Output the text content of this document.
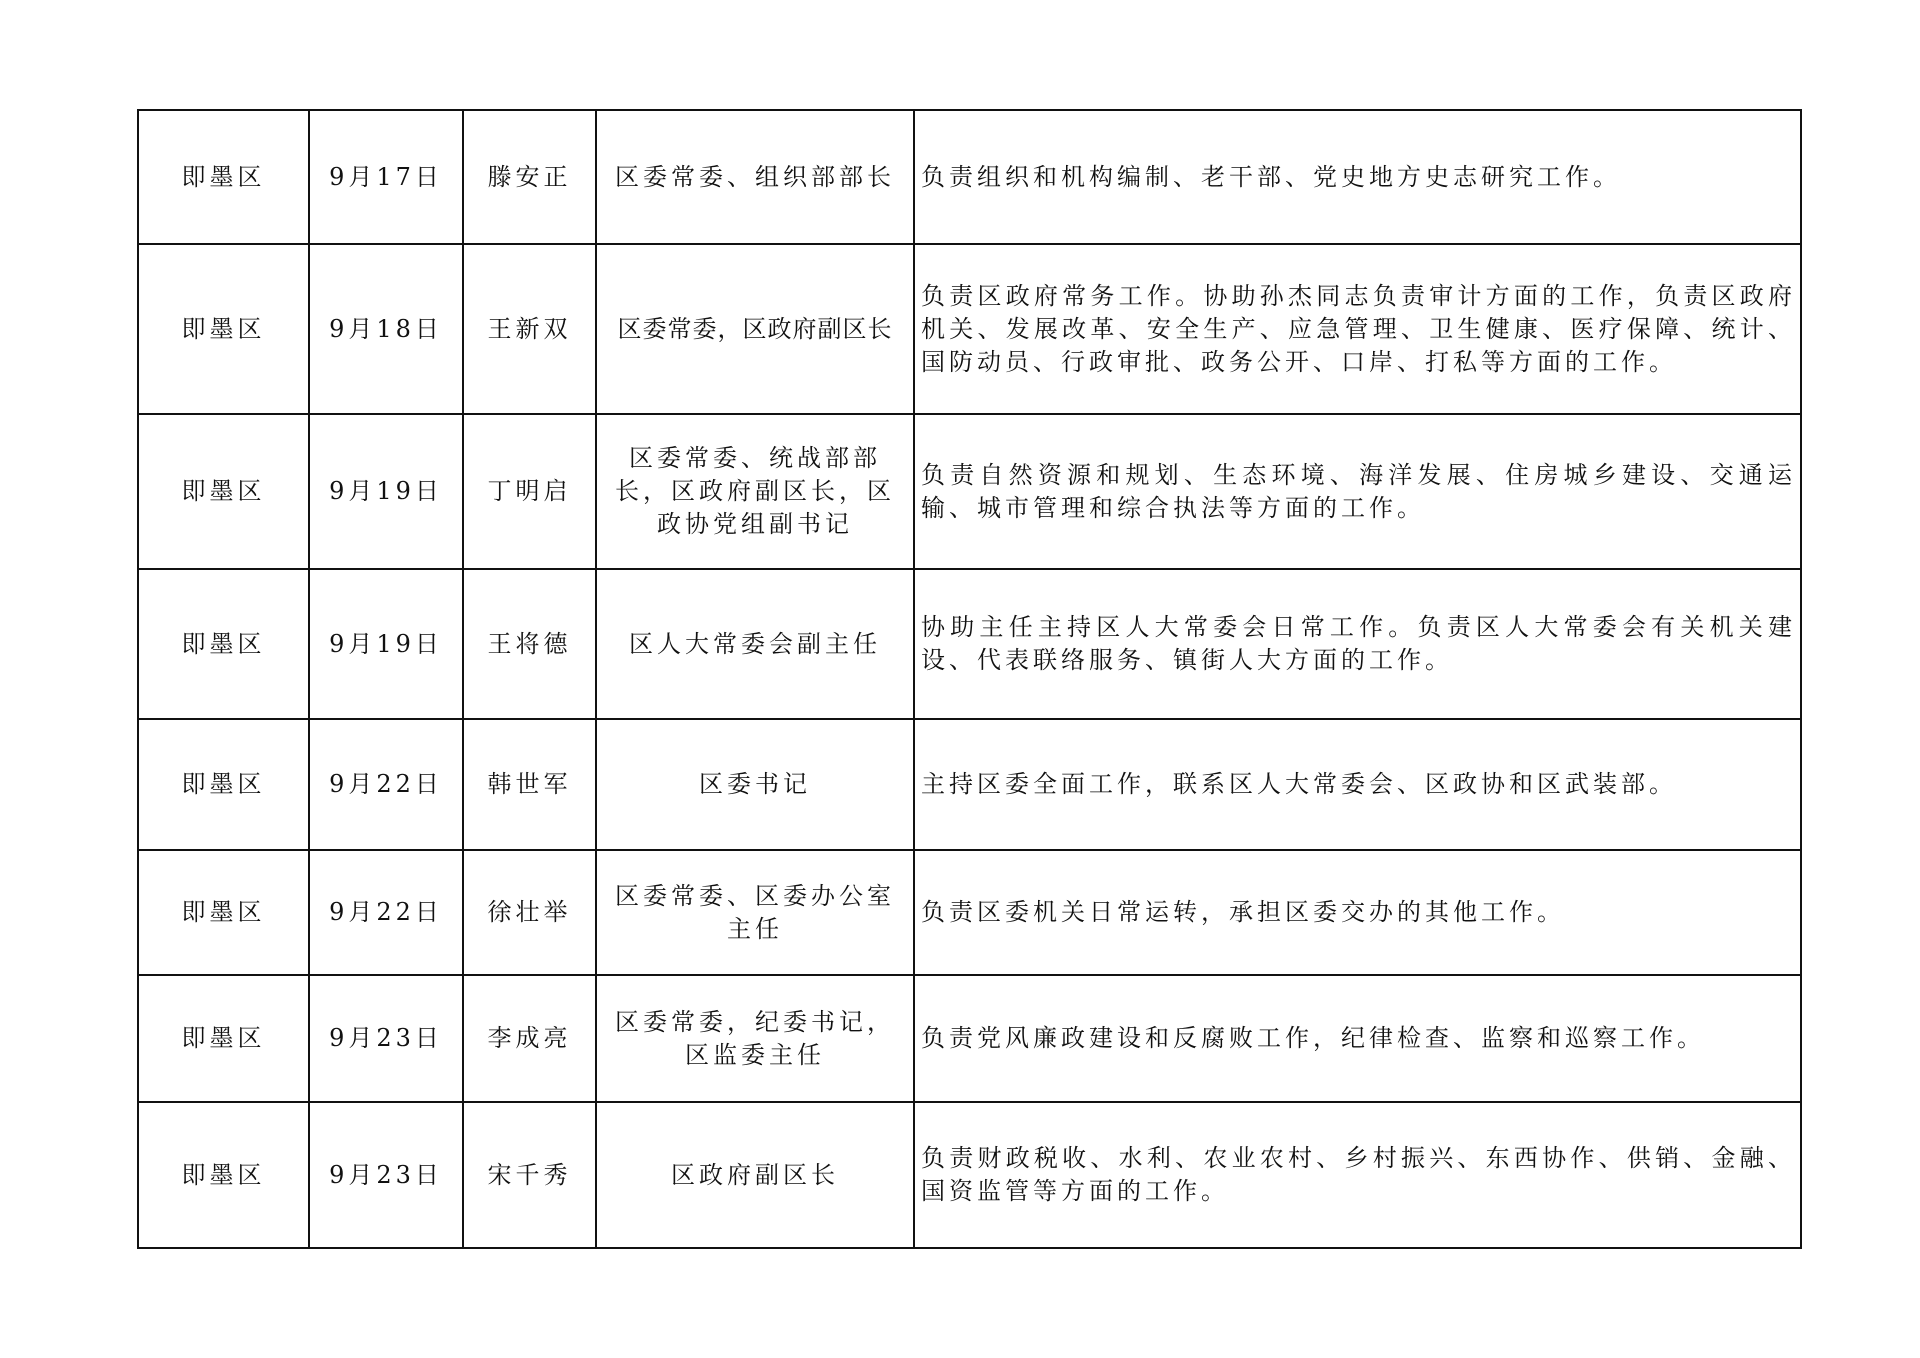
即墨区	9月17日	滕安正	区委常委、组织部部长	负责组织和机构编制、老干部、党史地方史志研究工作。
即墨区	9月18日	王新双	区委常委，区政府副区长	负责区政府常务工作。协助孙杰同志负责审计方面的工作，负责区政府机关、发展改革、安全生产、应急管理、卫生健康、医疗保障、统计、国防动员、行政审批、政务公开、口岸、打私等方面的工作。
即墨区	9月19日	丁明启	区委常委、统战部部长，区政府副区长，区政协党组副书记	负责自然资源和规划、生态环境、海洋发展、住房城乡建设、交通运输、城市管理和综合执法等方面的工作。
即墨区	9月19日	王将德	区人大常委会副主任	协助主任主持区人大常委会日常工作。负责区人大常委会有关机关建设、代表联络服务、镇街人大方面的工作。
即墨区	9月22日	韩世军	区委书记	主持区委全面工作，联系区人大常委会、区政协和区武装部。
即墨区	9月22日	徐壮举	区委常委、区委办公室主任	负责区委机关日常运转，承担区委交办的其他工作。
即墨区	9月23日	李成亮	区委常委，纪委书记，区监委主任	负责党风廉政建设和反腐败工作，纪律检查、监察和巡察工作。
即墨区	9月23日	宋千秀	区政府副区长	负责财政税收、水利、农业农村、乡村振兴、东西协作、供销、金融、国资监管等方面的工作。
